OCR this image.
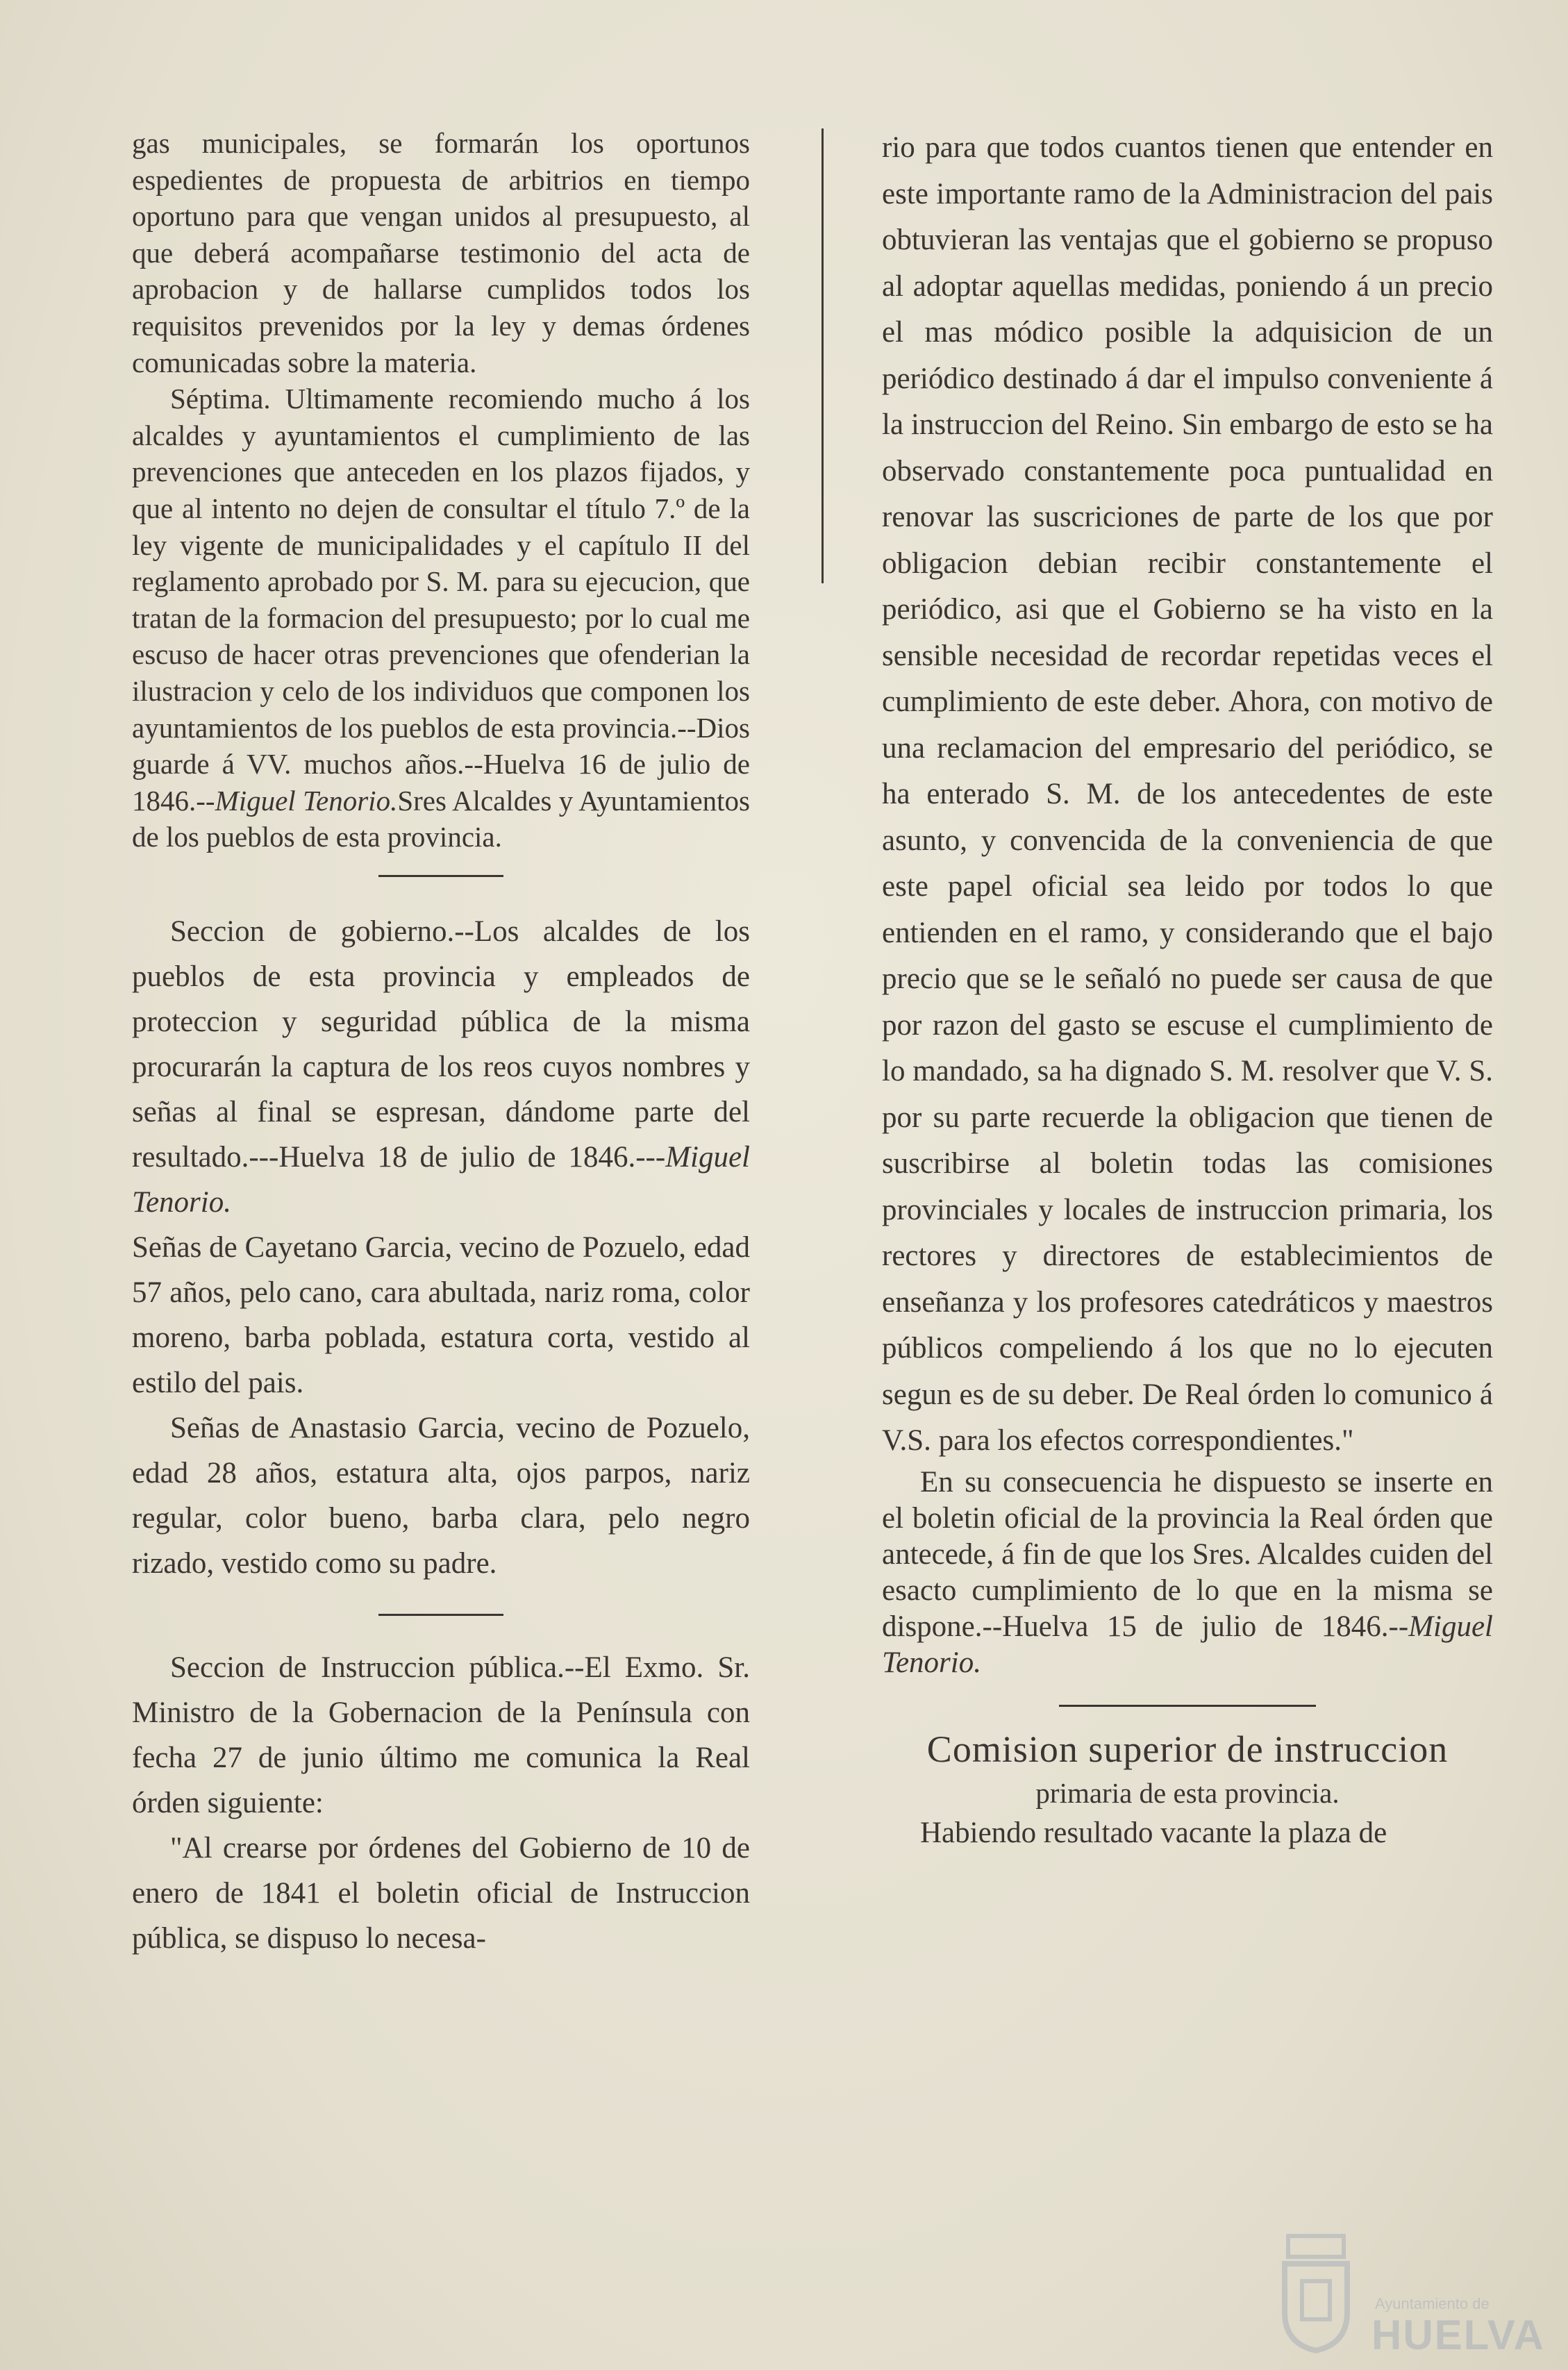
gas municipales, se formarán los oportunos espedientes de propuesta de arbitrios en tiempo oportuno para que vengan unidos al presupuesto, al que deberá acompañarse testimonio del acta de aprobacion y de hallarse cumplidos todos los requisitos prevenidos por la ley y demas órdenes comunicadas sobre la materia.

Séptima. Ultimamente recomiendo mucho á los alcaldes y ayuntamientos el cumplimiento de las prevenciones que anteceden en los plazos fijados, y que al intento no dejen de consultar el título 7.º de la ley vigente de municipalidades y el capítulo II del reglamento aprobado por S. M. para su ejecucion, que tratan de la formacion del presupuesto; por lo cual me escuso de hacer otras prevenciones que ofenderian la ilustracion y celo de los individuos que componen los ayuntamientos de los pueblos de esta provincia.--Dios guarde á VV. muchos años.--Huelva 16 de julio de 1846.--Miguel Tenorio.Sres Alcaldes y Ayuntamientos de los pueblos de esta provincia.

Seccion de gobierno.--Los alcaldes de los pueblos de esta provincia y empleados de proteccion y seguridad pública de la misma procurarán la captura de los reos cuyos nombres y señas al final se espresan, dándome parte del resultado.---Huelva 18 de julio de 1846.---Miguel Tenorio.

Señas de Cayetano Garcia, vecino de Pozuelo, edad 57 años, pelo cano, cara abultada, nariz roma, color moreno, barba poblada, estatura corta, vestido al estilo del pais.

Señas de Anastasio Garcia, vecino de Pozuelo, edad 28 años, estatura alta, ojos parpos, nariz regular, color bueno, barba clara, pelo negro rizado, vestido como su padre.

Seccion de Instruccion pública.--El Exmo. Sr. Ministro de la Gobernacion de la Península con fecha 27 de junio último me comunica la Real órden siguiente:

"Al crearse por órdenes del Gobierno de 10 de enero de 1841 el boletin oficial de Instruccion pública, se dispuso lo necesa-

rio para que todos cuantos tienen que entender en este importante ramo de la Administracion del pais obtuvieran las ventajas que el gobierno se propuso al adoptar aquellas medidas, poniendo á un precio el mas módico posible la adquisicion de un periódico destinado á dar el impulso conveniente á la instruccion del Reino. Sin embargo de esto se ha observado constantemente poca puntualidad en renovar las suscriciones de parte de los que por obligacion debian recibir constantemente el periódico, asi que el Gobierno se ha visto en la sensible necesidad de recordar repetidas veces el cumplimiento de este deber. Ahora, con motivo de una reclamacion del empresario del periódico, se ha enterado S. M. de los antecedentes de este asunto, y convencida de la conveniencia de que este papel oficial sea leido por todos lo que entienden en el ramo, y considerando que el bajo precio que se le señaló no puede ser causa de que por razon del gasto se escuse el cumplimiento de lo mandado, sa ha dignado S. M. resolver que V. S. por su parte recuerde la obligacion que tienen de suscribirse al boletin todas las comisiones provinciales y locales de instruccion primaria, los rectores y directores de establecimientos de enseñanza y los profesores catedráticos y maestros públicos compeliendo á los que no lo ejecuten segun es de su deber. De Real órden lo comunico á V.S. para los efectos correspondientes."

En su consecuencia he dispuesto se inserte en el boletin oficial de la provincia la Real órden que antecede, á fin de que los Sres. Alcaldes cuiden del esacto cumplimiento de lo que en la misma se dispone.--Huelva 15 de julio de 1846.--Miguel Tenorio.

Comision superior de instruccion

primaria de esta provincia.

Habiendo resultado vacante la plaza de

Ayuntamiento de
HUELVA
